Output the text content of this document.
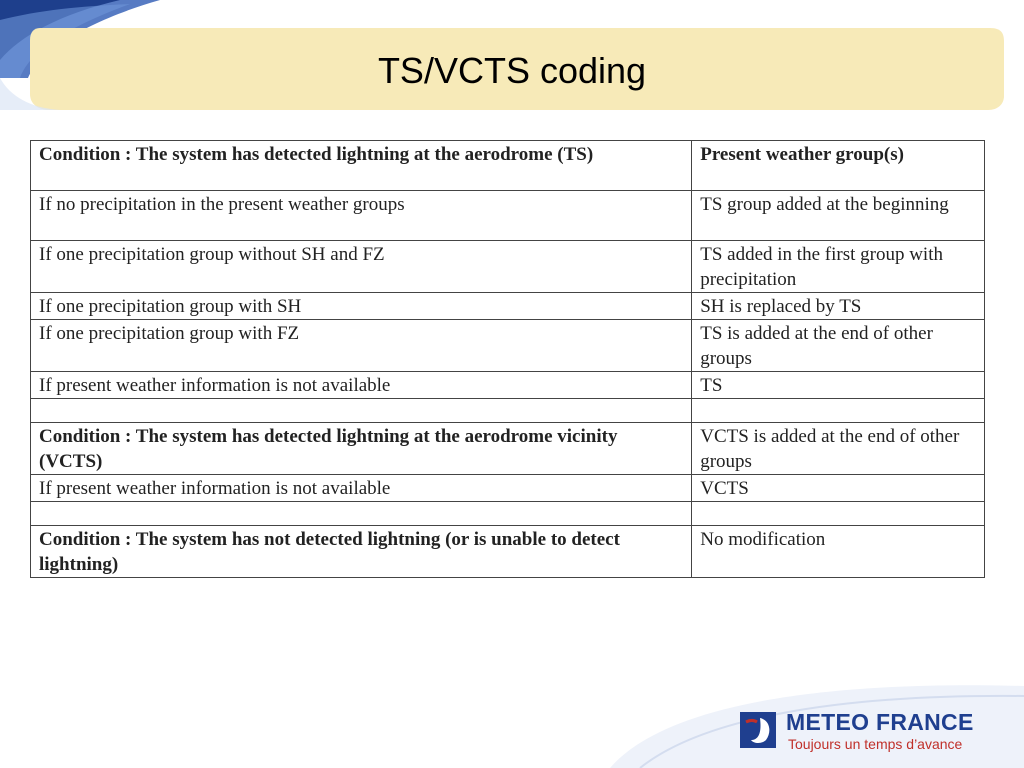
TS/VCTS coding
Condition : The system has detected lightning at the aerodrome (TS)	Present weather group(s)
If no precipitation in the present weather groups	TS group added at the beginning
If one precipitation group without SH and FZ	TS added in the first group with precipitation
If one precipitation group with SH	SH is replaced by TS
If one precipitation group with FZ	TS is added at the end of other groups
If present weather information is not available	TS

Condition : The system has detected lightning at the aerodrome vicinity (VCTS)	VCTS is added at the end of other groups
If present weather information is not available	VCTS

Condition : The system has not detected lightning (or is unable to detect lightning)	No modification
METEO FRANCE
Toujours un temps d’avance
